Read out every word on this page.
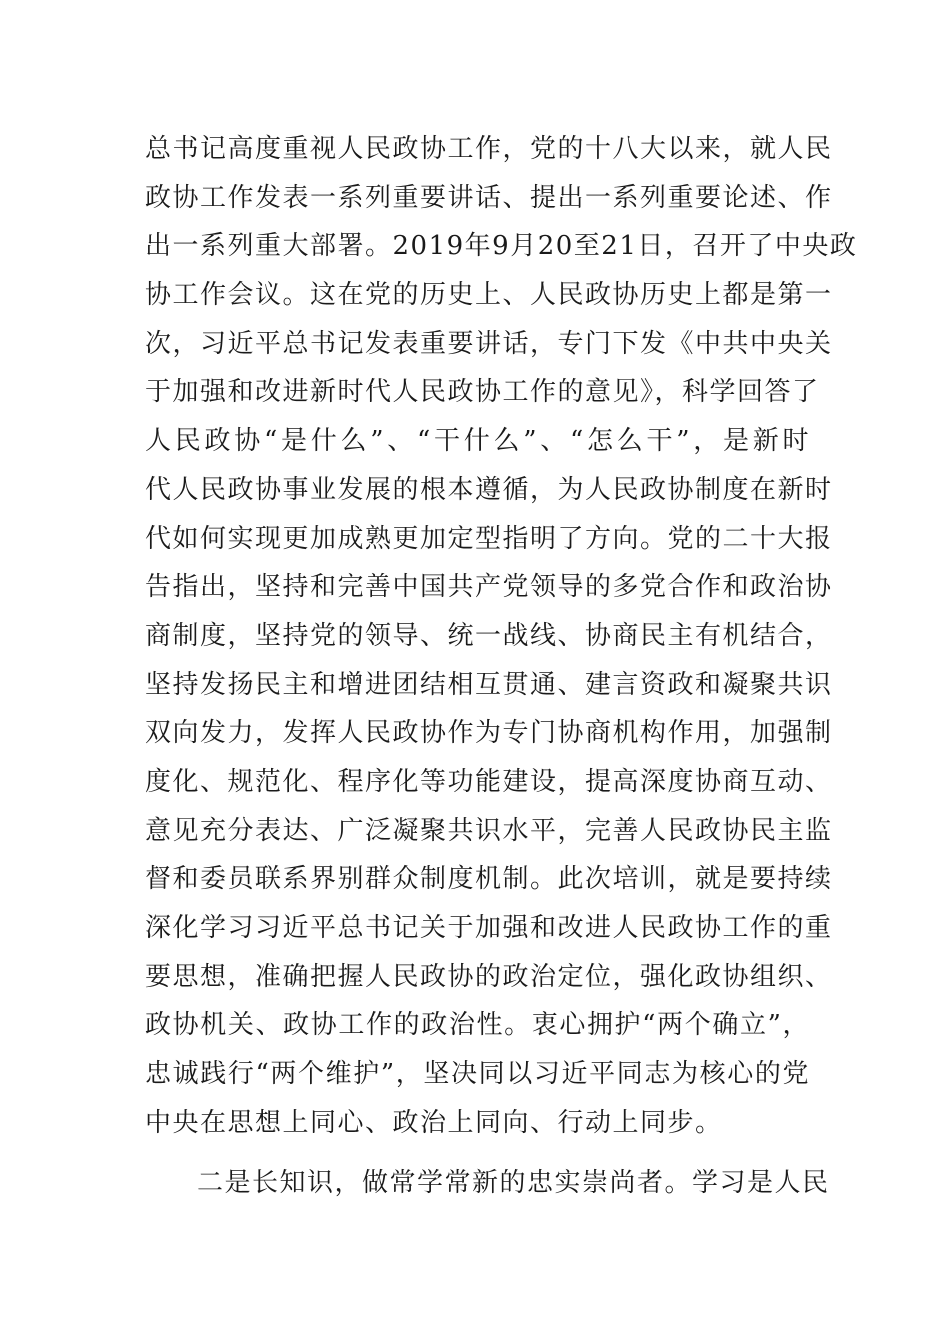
总书记高度重视人民政协工作，党的十八大以来，就人民
政协工作发表一系列重要讲话、提出一系列重要论述、作
出一系列重大部署。2019年9月20至21日，召开了中央政
协工作会议。这在党的历史上、人民政协历史上都是第一
次，习近平总书记发表重要讲话，专门下发《中共中央关
于加强和改进新时代人民政协工作的意见》，科学回答了
人民政协“是什么”、“干什么”、“怎么干”，是新时
代人民政协事业发展的根本遵循，为人民政协制度在新时
代如何实现更加成熟更加定型指明了方向。党的二十大报
告指出，坚持和完善中国共产党领导的多党合作和政治协
商制度，坚持党的领导、统一战线、协商民主有机结合，
坚持发扬民主和增进团结相互贯通、建言资政和凝聚共识
双向发力，发挥人民政协作为专门协商机构作用，加强制
度化、规范化、程序化等功能建设，提高深度协商互动、
意见充分表达、广泛凝聚共识水平，完善人民政协民主监
督和委员联系界别群众制度机制。此次培训，就是要持续
深化学习习近平总书记关于加强和改进人民政协工作的重
要思想，准确把握人民政协的政治定位，强化政协组织、
政协机关、政协工作的政治性。衷心拥护“两个确立”，
忠诚践行“两个维护”，坚决同以习近平同志为核心的党
中央在思想上同心、政治上同向、行动上同步。
二是长知识，做常学常新的忠实崇尚者。学习是人民
